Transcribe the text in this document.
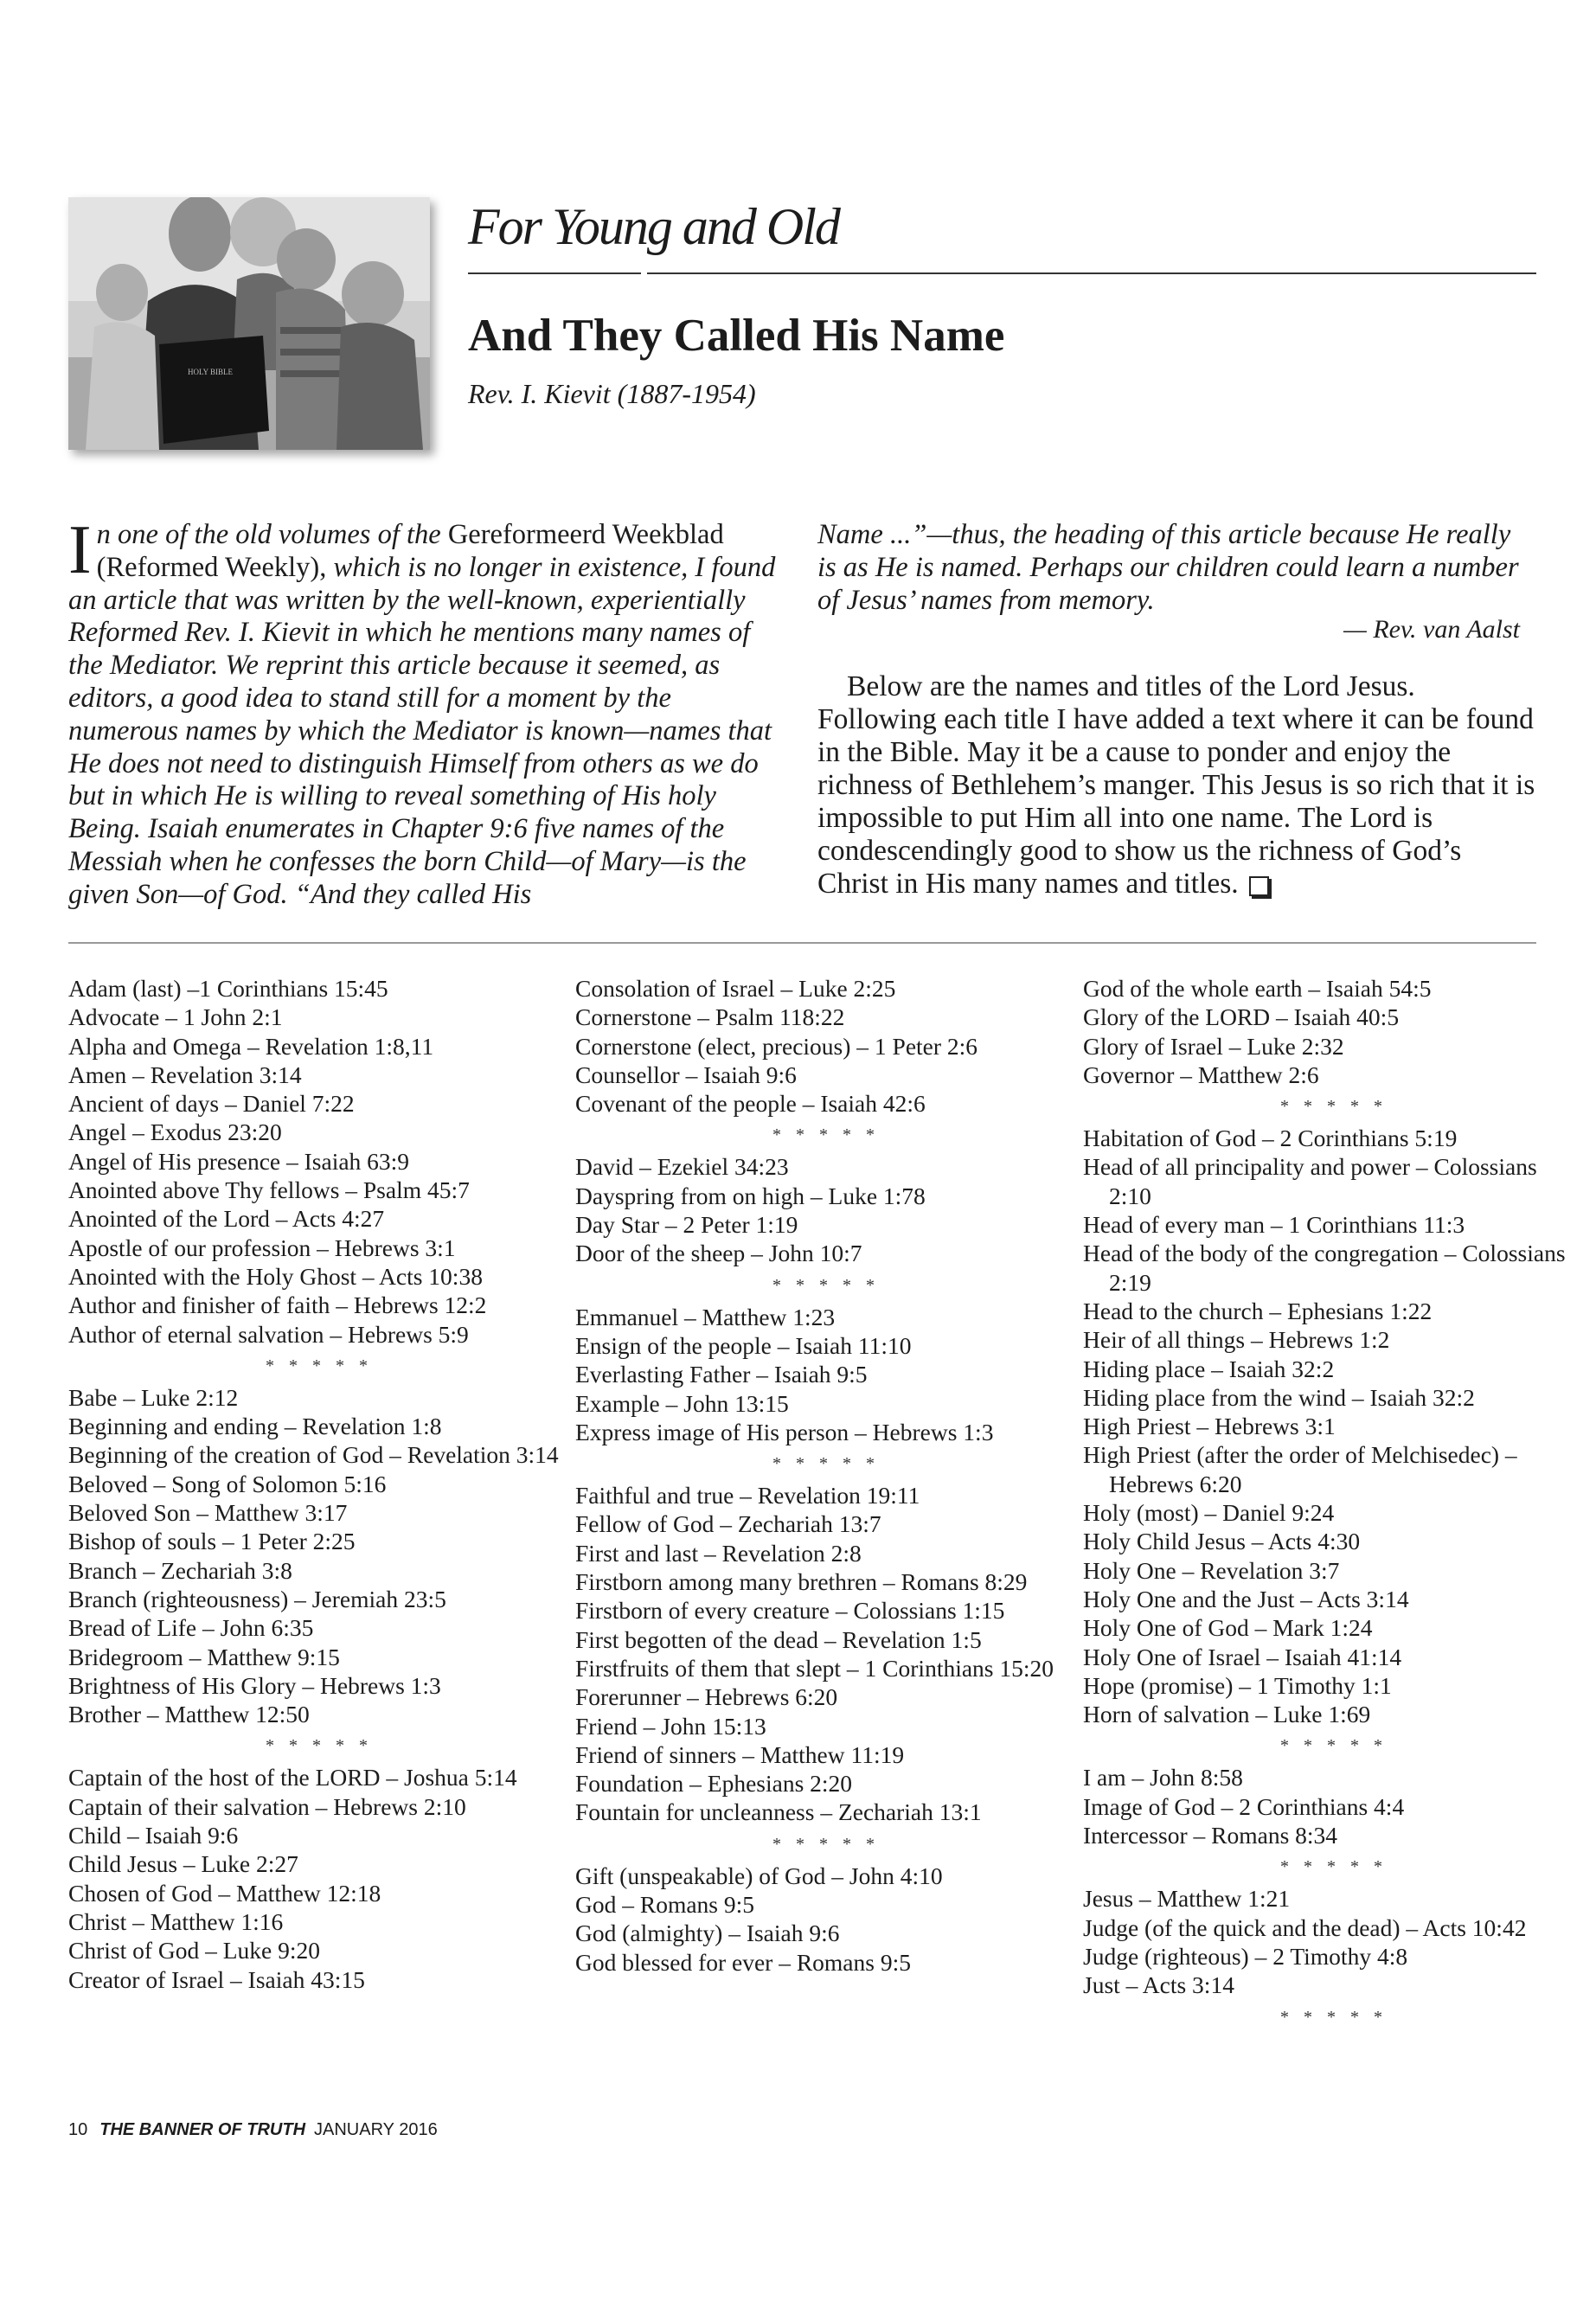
HOLY BIBLE
For Young and Old
And They Called His Name
Rev. I. Kievit (1887-1954)
In one of the old volumes of the Gereformeerd Weekblad (Reformed Weekly), which is no longer in existence, I found an article that was written by the well-known, experientially Reformed Rev. I. Kievit in which he mentions many names of the Mediator. We reprint this article because it seemed, as editors, a good idea to stand still for a moment by the numerous names by which the Mediator is known—names that He does not need to distinguish Himself from others as we do but in which He is willing to reveal something of His holy Being. Isaiah enumerates in Chapter 9:6 five names of the Messiah when he confesses the born Child—of Mary—is the given Son—of God. “And they called His
Name ...”—thus, the heading of this article because He really is as He is named. Perhaps our children could learn a number of Jesus’ names from memory.
— Rev. van Aalst
Below are the names and titles of the Lord Jesus. Following each title I have added a text where it can be found in the Bible. May it be a cause to ponder and enjoy the richness of Bethlehem’s manger. This Jesus is so rich that it is impossible to put Him all into one name. The Lord is condescendingly good to show us the richness of God’s Christ in His many names and titles.
Adam (last) –1 Corinthians 15:45
Advocate – 1 John 2:1
Alpha and Omega – Revelation 1:8,11
Amen – Revelation 3:14
Ancient of days – Daniel 7:22
Angel – Exodus 23:20
Angel of His presence – Isaiah 63:9
Anointed above Thy fellows – Psalm 45:7
Anointed of the Lord – Acts 4:27
Apostle of our profession – Hebrews 3:1
Anointed with the Holy Ghost – Acts 10:38
Author and finisher of faith – Hebrews 12:2
Author of eternal salvation – Hebrews 5:9
* * * * *
Babe – Luke 2:12
Beginning and ending – Revelation 1:8
Beginning of the creation of God – Revelation 3:14
Beloved – Song of Solomon 5:16
Beloved Son – Matthew 3:17
Bishop of souls – 1 Peter 2:25
Branch – Zechariah 3:8
Branch (righteousness) – Jeremiah 23:5
Bread of Life – John 6:35
Bridegroom – Matthew 9:15
Brightness of His Glory – Hebrews 1:3
Brother – Matthew 12:50
* * * * *
Captain of the host of the LORD – Joshua 5:14
Captain of their salvation – Hebrews 2:10
Child – Isaiah 9:6
Child Jesus – Luke 2:27
Chosen of God – Matthew 12:18
Christ – Matthew 1:16
Christ of God – Luke 9:20
Creator of Israel – Isaiah 43:15
Consolation of Israel – Luke 2:25
Cornerstone – Psalm 118:22
Cornerstone (elect, precious) – 1 Peter 2:6
Counsellor – Isaiah 9:6
Covenant of the people – Isaiah 42:6
* * * * *
David – Ezekiel 34:23
Dayspring from on high – Luke 1:78
Day Star – 2 Peter 1:19
Door of the sheep – John 10:7
* * * * *
Emmanuel – Matthew 1:23
Ensign of the people – Isaiah 11:10
Everlasting Father – Isaiah 9:5
Example – John 13:15
Express image of His person – Hebrews 1:3
* * * * *
Faithful and true – Revelation 19:11
Fellow of God – Zechariah 13:7
First and last – Revelation 2:8
Firstborn among many brethren – Romans 8:29
Firstborn of every creature – Colossians 1:15
First begotten of the dead – Revelation 1:5
Firstfruits of them that slept – 1 Corinthians 15:20
Forerunner – Hebrews 6:20
Friend – John 15:13
Friend of sinners – Matthew 11:19
Foundation – Ephesians 2:20
Fountain for uncleanness – Zechariah 13:1
* * * * *
Gift (unspeakable) of God – John 4:10
God – Romans 9:5
God (almighty) – Isaiah 9:6
God blessed for ever – Romans 9:5
God of the whole earth – Isaiah 54:5
Glory of the LORD – Isaiah 40:5
Glory of Israel – Luke 2:32
Governor – Matthew 2:6
* * * * *
Habitation of God – 2 Corinthians 5:19
Head of all principality and power – Colossians 2:10
Head of every man – 1 Corinthians 11:3
Head of the body of the congregation – Colossians 2:19
Head to the church – Ephesians 1:22
Heir of all things – Hebrews 1:2
Hiding place – Isaiah 32:2
Hiding place from the wind – Isaiah 32:2
High Priest – Hebrews 3:1
High Priest (after the order of Melchisedec) – Hebrews 6:20
Holy (most) – Daniel 9:24
Holy Child Jesus – Acts 4:30
Holy One – Revelation 3:7
Holy One and the Just – Acts 3:14
Holy One of God – Mark 1:24
Holy One of Israel – Isaiah 41:14
Hope (promise) – 1 Timothy 1:1
Horn of salvation – Luke 1:69
* * * * *
I am – John 8:58
Image of God – 2 Corinthians 4:4
Intercessor – Romans 8:34
* * * * *
Jesus – Matthew 1:21
Judge (of the quick and the dead) – Acts 10:42
Judge (righteous) – 2 Timothy 4:8
Just – Acts 3:14
* * * * *
10 THE BANNER OF TRUTH JANUARY 2016
